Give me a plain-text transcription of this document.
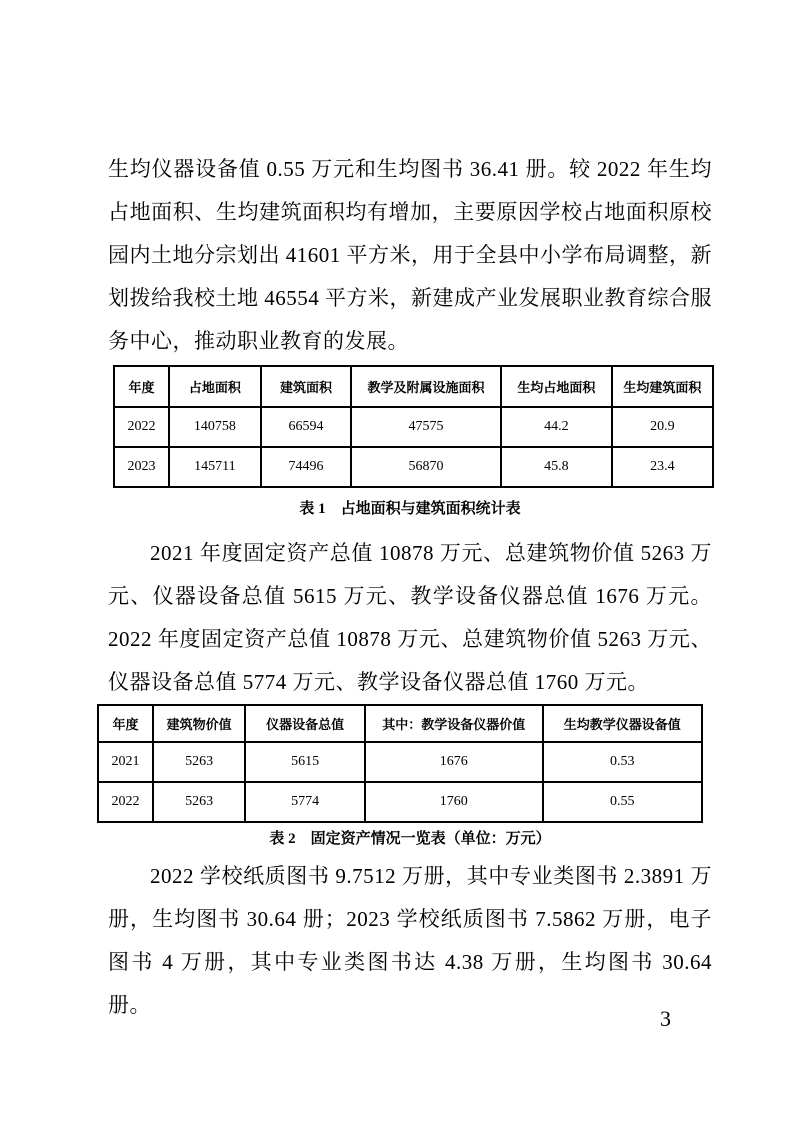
生均仪器设备值 0.55 万元和生均图书 36.41 册。较 2022 年生均占地面积、生均建筑面积均有增加，主要原因学校占地面积原校园内土地分宗划出 41601 平方米，用于全县中小学布局调整，新划拨给我校土地 46554 平方米，新建成产业发展职业教育综合服务中心，推动职业教育的发展。

年度	占地面积	建筑面积	教学及附属设施面积	生均占地面积	生均建筑面积
2022	140758	66594	47575	44.2	20.9
2023	145711	74496	56870	45.8	23.4

表 1　占地面积与建筑面积统计表

2021 年度固定资产总值 10878 万元、总建筑物价值 5263 万元、仪器设备总值 5615 万元、教学设备仪器总值 1676 万元。2022 年度固定资产总值 10878 万元、总建筑物价值 5263 万元、仪器设备总值 5774 万元、教学设备仪器总值 1760 万元。

年度	建筑物价值	仪器设备总值	其中：教学设备仪器价值	生均教学仪器设备值
2021	5263	5615	1676	0.53
2022	5263	5774	1760	0.55

表 2　固定资产情况一览表（单位：万元）

2022 学校纸质图书 9.7512 万册，其中专业类图书 2.3891 万册，生均图书 30.64 册；2023 学校纸质图书 7.5862 万册，电子图书 4 万册，其中专业类图书达 4.38 万册，生均图书 30.64 册。

3
